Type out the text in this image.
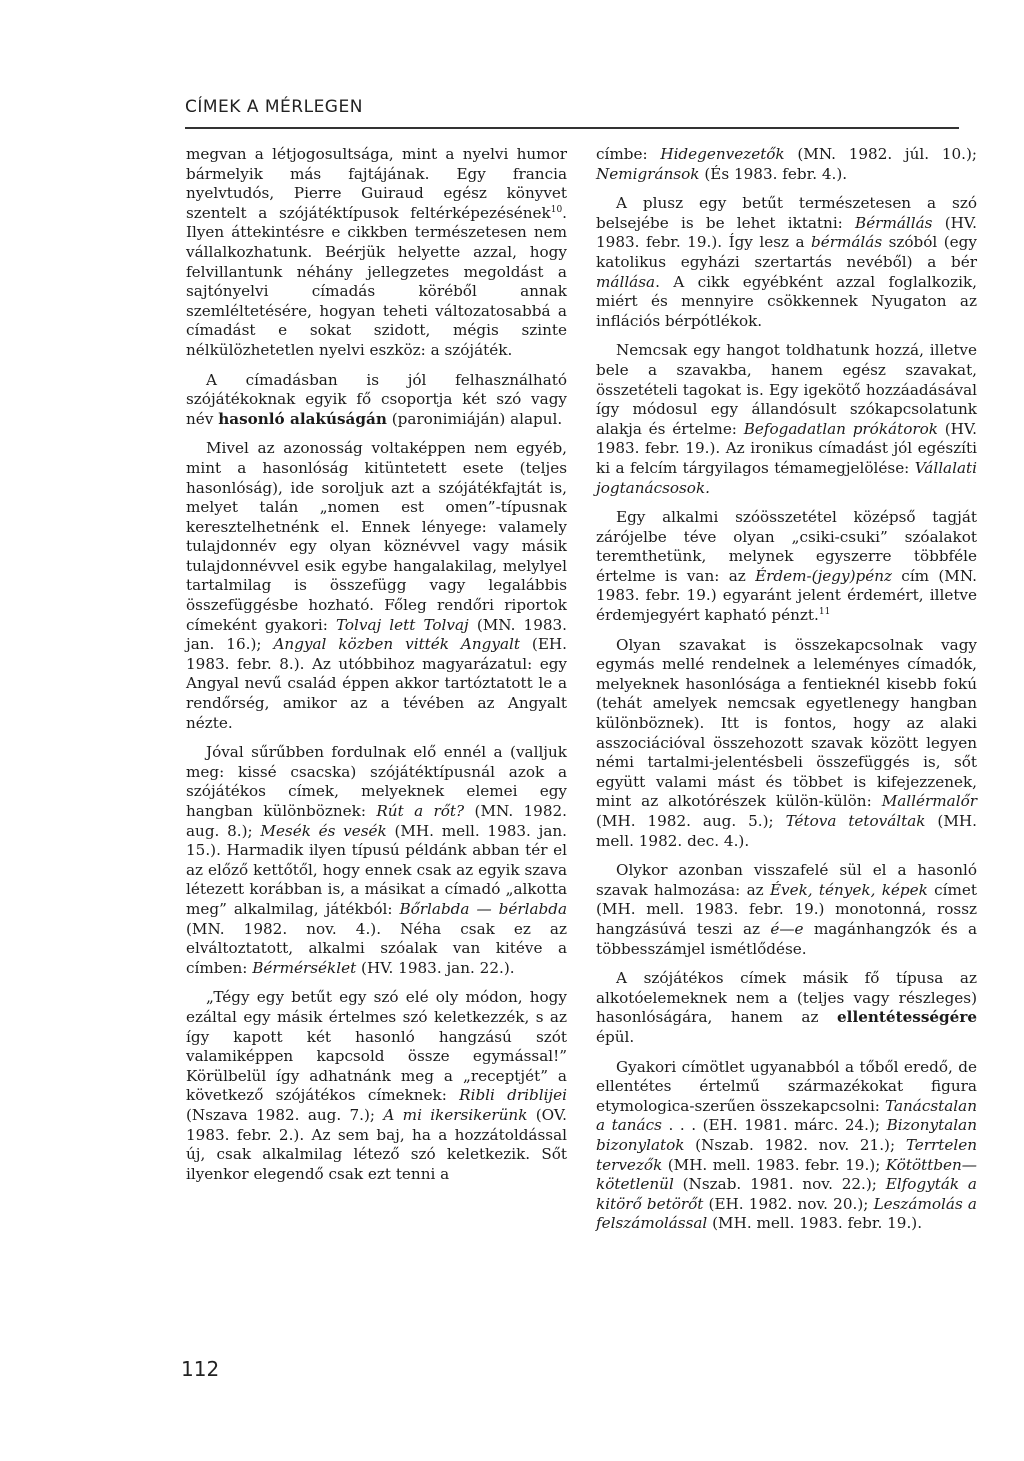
CÍMEK A MÉRLEGEN

megvan a létjogosultsága, mint a nyelvi humor bármelyik más fajtájának. Egy francia nyelvtudós, Pierre Guiraud egész könyvet szentelt a szójátéktípusok feltérképezésének$^{10}$. Ilyen áttekintésre e cikkben természetesen nem vállalkozhatunk. Beérjük helyette azzal, hogy felvillantunk néhány jellegzetes megoldást a sajtónyelvi címadás köréből annak szemléltetésére, hogyan teheti változatosabbá a címadást e sokat szidott, mégis szinte nélkülözhetetlen nyelvi eszköz: a szójáték.

A címadásban is jól felhasználható szójátékoknak egyik fő csoportja két szó vagy név hasonló alakúságán (paronimiáján) alapul.

Mivel az azonosság voltaképpen nem egyéb, mint a hasonlóság kitüntetett esete (teljes hasonlóság), ide soroljuk azt a szójátékfajtát is, melyet talán „nomen est omen”-típusnak keresztelhetnénk el. Ennek lényege: valamely tulajdonnév egy olyan köznévvel vagy másik tulajdonnévvel esik egybe hangalakilag, melylyel tartalmilag is összefügg vagy legalábbis összefüggésbe hozható. Főleg rendőri riportok címeként gyakori: Tolvaj lett Tolvaj (MN. 1983. jan. 16.); Angyal közben vitték Angyalt (EH. 1983. febr. 8.). Az utóbbihoz magyarázatul: egy Angyal nevű család éppen akkor tartóztatott le a rendőrség, amikor az a tévében az Angyalt nézte.

Jóval sűrűbben fordulnak elő ennél a (valljuk meg: kissé csacska) szójátéktípusnál azok a szójátékos címek, melyeknek elemei egy hangban különböznek: Rút a rőt? (MN. 1982. aug. 8.); Mesék és vesék (MH. mell. 1983. jan. 15.). Harmadik ilyen típusú példánk abban tér el az előző kettőtől, hogy ennek csak az egyik szava létezett korábban is, a másikat a címadó „alkotta meg” alkalmilag, játékból: Bőrlabda — bérlabda (MN. 1982. nov. 4.). Néha csak ez az elváltoztatott, alkalmi szóalak van kitéve a címben: Bérmérséklet (HV. 1983. jan. 22.).

„Tégy egy betűt egy szó elé oly módon, hogy ezáltal egy másik értelmes szó keletkezzék, s az így kapott két hasonló hangzású szót valamiképpen kapcsold össze egymással!” Körülbelül így adhatnánk meg a „receptjét” a következő szójátékos címeknek: Ribli driblijei (Nszava 1982. aug. 7.); A mi ikersikerünk (OV. 1983. febr. 2.). Az sem baj, ha a hozzátoldással új, csak alkalmilag létező szó keletkezik. Sőt ilyenkor elegendő csak ezt tenni a

címbe: Hidegenvezetők (MN. 1982. júl. 10.); Nemigránsok (És 1983. febr. 4.).

A plusz egy betűt természetesen a szó belsejébe is be lehet iktatni: Bérmállás (HV. 1983. febr. 19.). Így lesz a bérmálás szóból (egy katolikus egyházi szertartás nevéből) a bér mállása. A cikk egyébként azzal foglalkozik, miért és mennyire csökkennek Nyugaton az inflációs bérpótlékok.

Nemcsak egy hangot toldhatunk hozzá, illetve bele a szavakba, hanem egész szavakat, összetételi tagokat is. Egy igekötő hozzáadásával így módosul egy állandósult szókapcsolatunk alakja és értelme: Befogadatlan prókátorok (HV. 1983. febr. 19.). Az ironikus címadást jól egészíti ki a felcím tárgyilagos témamegjelölése: Vállalati jogtanácsosok.

Egy alkalmi szóösszetétel középső tagját zárójelbe téve olyan „csiki-csuki” szóalakot teremthetünk, melynek egyszerre többféle értelme is van: az Érdem-(jegy)pénz cím (MN. 1983. febr. 19.) egyaránt jelent érdemért, illetve érdemjegyért kapható pénzt.$^{11}$

Olyan szavakat is összekapcsolnak vagy egymás mellé rendelnek a leleményes címadók, melyeknek hasonlósága a fentieknél kisebb fokú (tehát amelyek nemcsak egyetlenegy hangban különböznek). Itt is fontos, hogy az alaki asszociációval összehozott szavak között legyen némi tartalmi-jelentésbeli összefüggés is, sőt együtt valami mást és többet is kifejezzenek, mint az alkotórészek külön-külön: Mallérmalőr (MH. 1982. aug. 5.); Tétova tetováltak (MH. mell. 1982. dec. 4.).

Olykor azonban visszafelé sül el a hasonló szavak halmozása: az Évek, tények, képek címet (MH. mell. 1983. febr. 19.) monotonná, rossz hangzásúvá teszi az é—e magánhangzók és a többesszámjel ismétlődése.

A szójátékos címek másik fő típusa az alkotóelemeknek nem a (teljes vagy részleges) hasonlóságára, hanem az ellentétességére épül.

Gyakori címötlet ugyanabból a tőből eredő, de ellentétes értelmű származékokat figura etymologica-szerűen összekapcsolni: Tanácstalan a tanács . . . (EH. 1981. márc. 24.); Bizonytalan bizonylatok (Nszab. 1982. nov. 21.); Terrtelen tervezők (MH. mell. 1983. febr. 19.); Kötöttben—kötetlenül (Nszab. 1981. nov. 22.); Elfogyták a kitörő betörőt (EH. 1982. nov. 20.); Leszámolás a felszámolással (MH. mell. 1983. febr. 19.).

112
